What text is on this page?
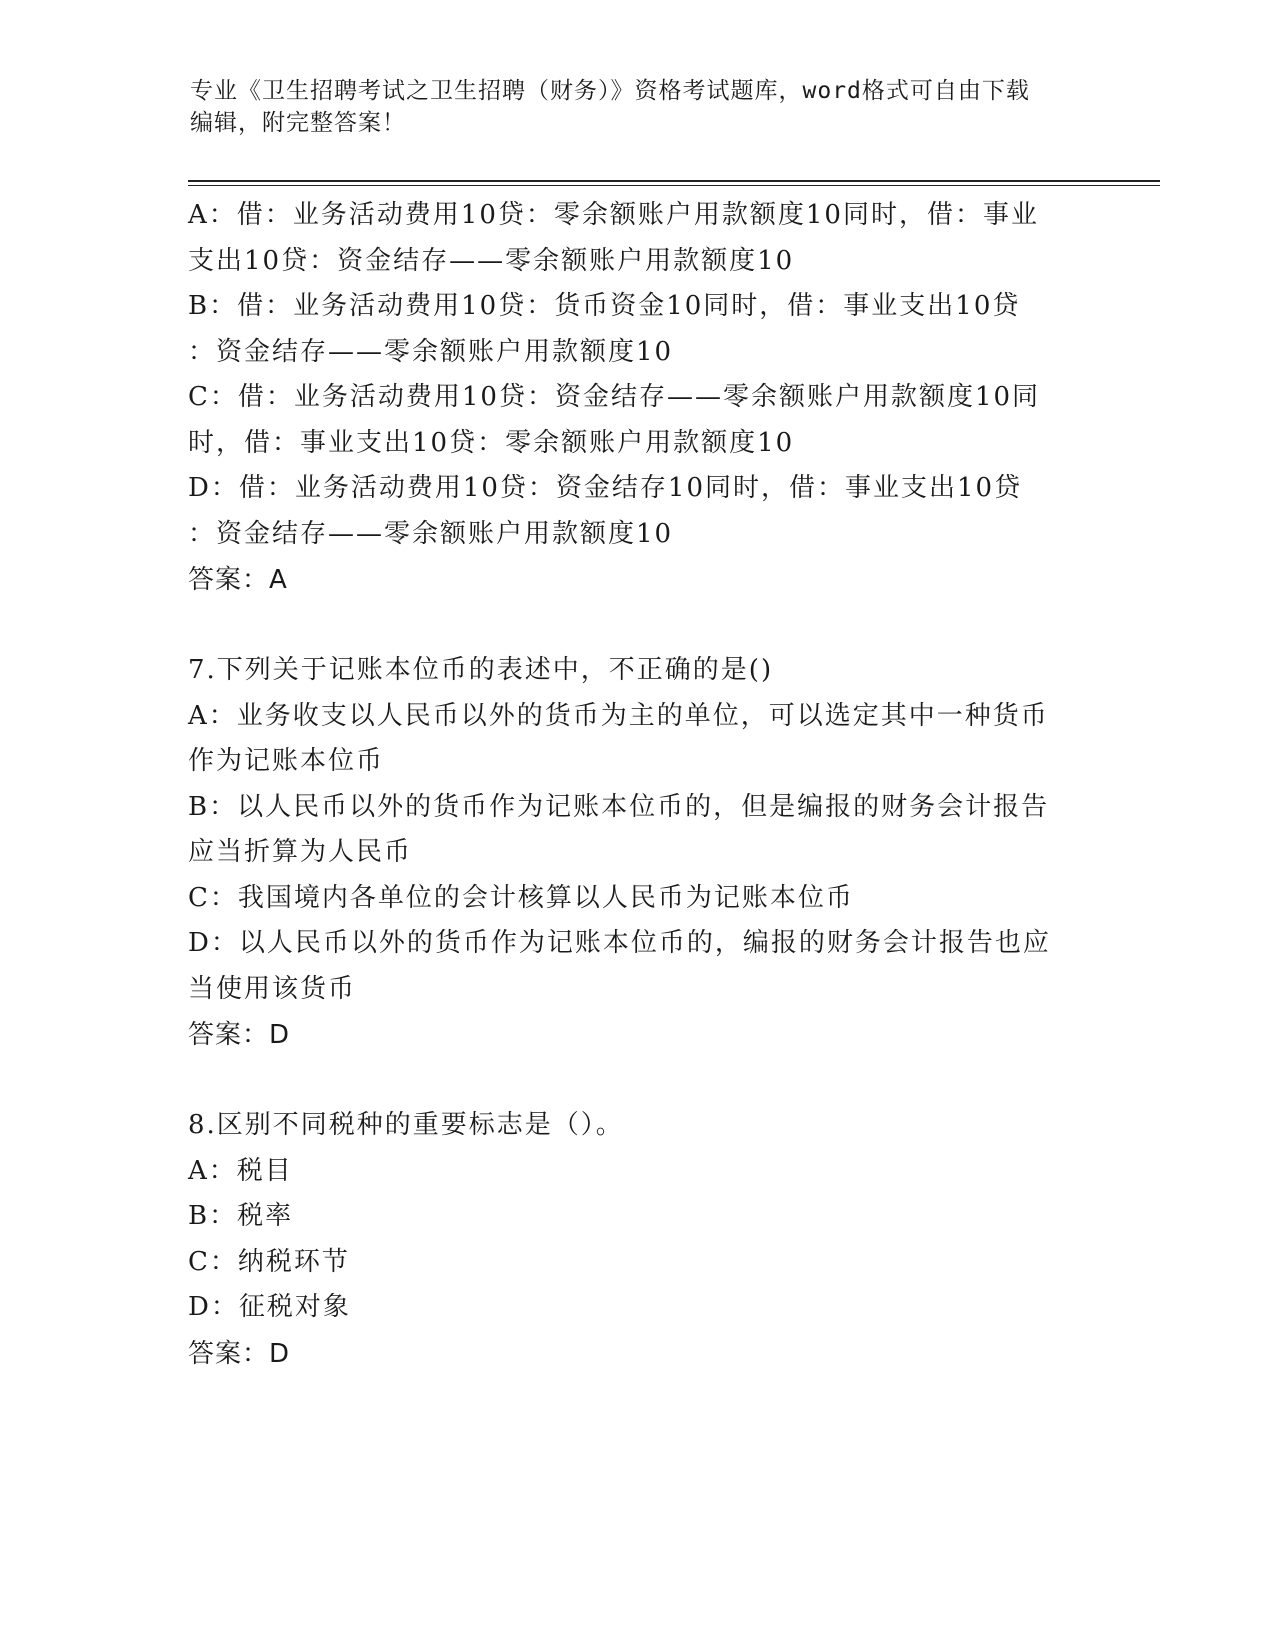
专业《卫生招聘考试之卫生招聘（财务）》资格考试题库，word格式可自由下载
编辑，附完整答案！
A：借：业务活动费用10贷：零余额账户用款额度10同时，借：事业
支出10贷：资金结存——零余额账户用款额度10
B：借：业务活动费用10贷：货币资金10同时，借：事业支出10贷
：资金结存——零余额账户用款额度10
C：借：业务活动费用10贷：资金结存——零余额账户用款额度10同
时，借：事业支出10贷：零余额账户用款额度10
D：借：业务活动费用10贷：资金结存10同时，借：事业支出10贷
：资金结存——零余额账户用款额度10
答案：A
7.下列关于记账本位币的表述中，不正确的是()
A：业务收支以人民币以外的货币为主的单位，可以选定其中一种货币
作为记账本位币
B：以人民币以外的货币作为记账本位币的，但是编报的财务会计报告
应当折算为人民币
C：我国境内各单位的会计核算以人民币为记账本位币
D：以人民币以外的货币作为记账本位币的，编报的财务会计报告也应
当使用该货币
答案：D
8.区别不同税种的重要标志是（）。
A：税目
B：税率
C：纳税环节
D：征税对象
答案：D
